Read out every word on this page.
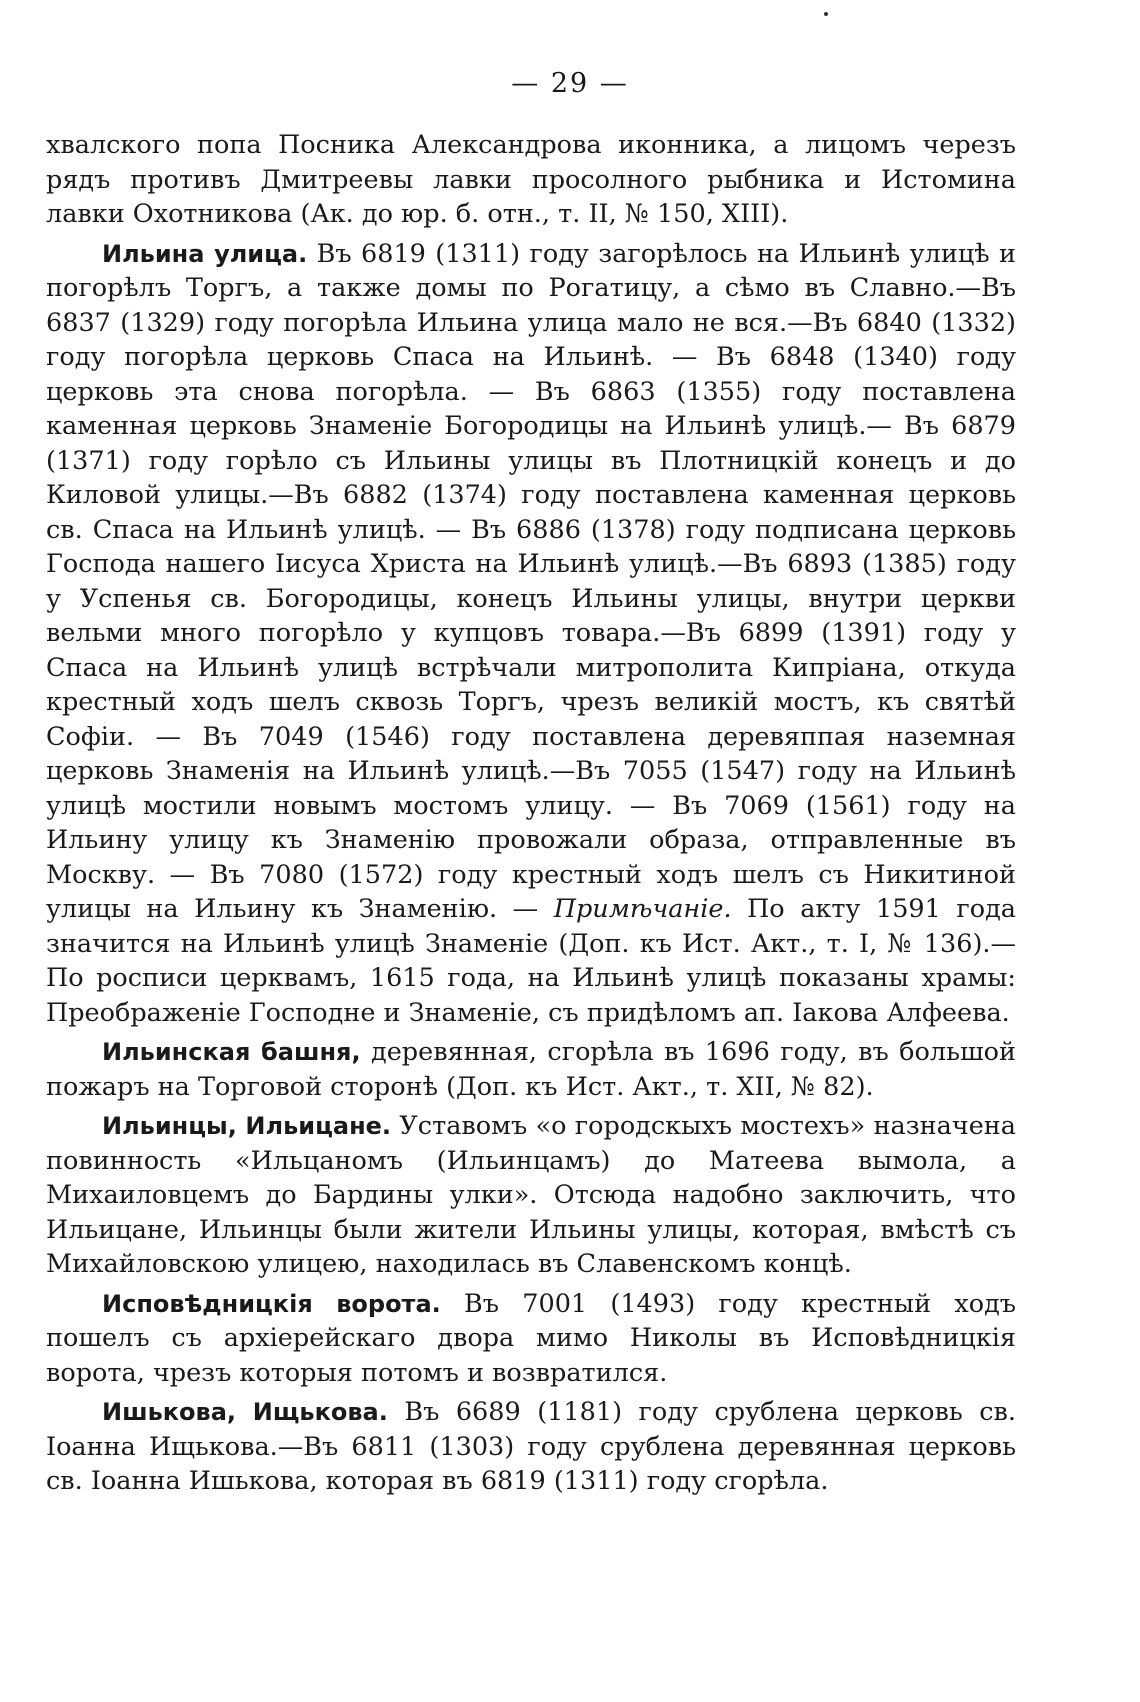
— 29 —

хвалского попа Посника Александрова иконника, а лицомъ черезъ рядъ противъ Дмитреевы лавки просолного рыбника и Истомина лавки Охотникова (Ак. до юр. б. отн., т. II, № 150, XIII).

Ильина улица. Въ 6819 (1311) году загорѣлось на Ильинѣ улицѣ и погорѣлъ Торгъ, а также домы по Рогатицу, а сѣмо въ Славно.—Въ 6837 (1329) году погорѣла Ильина улица мало не вся.—Въ 6840 (1332) году погорѣла церковь Спаса на Ильинѣ. — Въ 6848 (1340) году церковь эта снова погорѣла. — Въ 6863 (1355) году поставлена каменная церковь Знаменіе Богородицы на Ильинѣ улицѣ.— Въ 6879 (1371) году горѣло съ Ильины улицы въ Плотницкій конецъ и до Киловой улицы.—Въ 6882 (1374) году поставлена каменная церковь св. Спаса на Ильинѣ улицѣ. — Въ 6886 (1378) году подписана церковь Господа нашего Іисуса Христа на Ильинѣ улицѣ.—Въ 6893 (1385) году у Успенья св. Богородицы, конецъ Ильины улицы, внутри церкви вельми много погорѣло у купцовъ товара.—Въ 6899 (1391) году у Спаса на Ильинѣ улицѣ встрѣчали митрополита Кипріана, откуда крестный ходъ шелъ сквозь Торгъ, чрезъ великій мостъ, къ святѣй Софіи. — Въ 7049 (1546) году поставлена деревяппая наземная церковь Знаменія на Ильинѣ улицѣ.—Въ 7055 (1547) году на Ильинѣ улицѣ мостили новымъ мостомъ улицу. — Въ 7069 (1561) году на Ильину улицу къ Знаменію провожали образа, отправленные въ Москву. — Въ 7080 (1572) году крестный ходъ шелъ съ Никитиной улицы на Ильину къ Знаменію. — Примѣчаніе. По акту 1591 года значится на Ильинѣ улицѣ Знаменіе (Доп. къ Ист. Акт., т. I, № 136).—По росписи церквамъ, 1615 года, на Ильинѣ улицѣ показаны храмы: Преображеніе Господне и Знаменіе, съ придѣломъ ап. Іакова Алфеева.

Ильинская башня, деревянная, сгорѣла въ 1696 году, въ большой пожаръ на Торговой сторонѣ (Доп. къ Ист. Акт., т. XII, № 82).

Ильинцы, Ильицане. Уставомъ «о городскыхъ мостехъ» назначена повинность «Ильцаномъ (Ильинцамъ) до Матеева вымола, а Михаиловцемъ до Бардины улки». Отсюда надобно заключить, что Ильицане, Ильинцы были жители Ильины улицы, которая, вмѣстѣ съ Михайловскою улицею, находилась въ Славенскомъ концѣ.

Исповѣдницкія ворота. Въ 7001 (1493) году крестный ходъ пошелъ съ архіерейскаго двора мимо Николы въ Исповѣдницкія ворота, чрезъ которыя потомъ и возвратился.

Ишькова, Ищькова. Въ 6689 (1181) году срублена церковь св. Іоанна Ищькова.—Въ 6811 (1303) году срублена деревянная церковь св. Іоанна Ишькова, которая въ 6819 (1311) году сгорѣла.
